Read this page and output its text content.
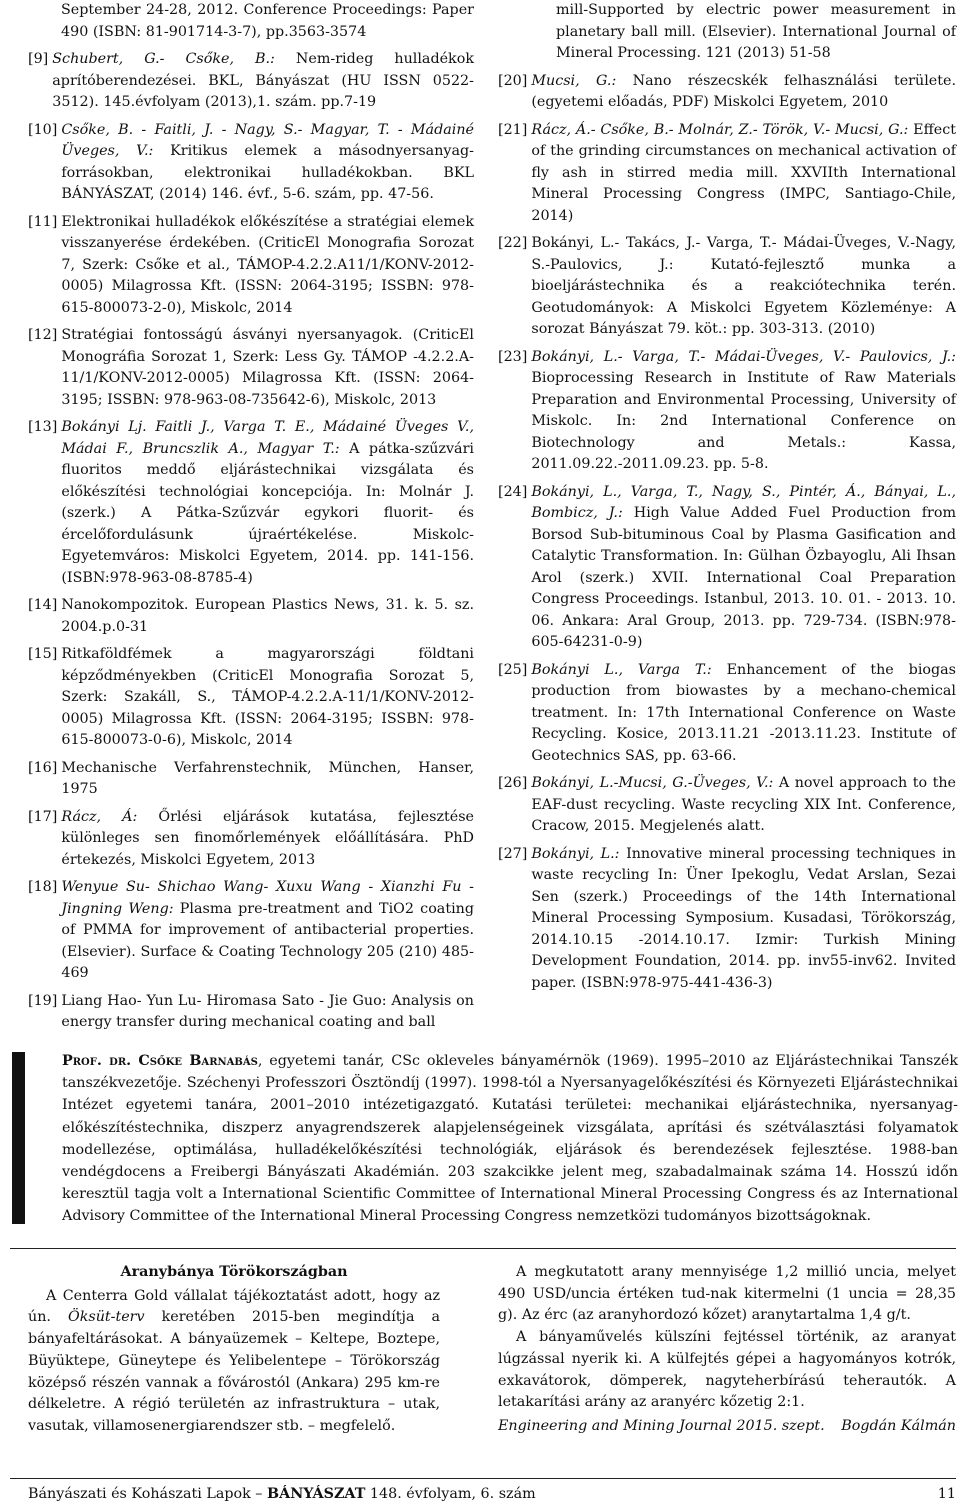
September 24-28, 2012. Conference Proceedings: Paper 490 (ISBN: 81-901714-3-7), pp.3563-3574
[9] Schubert, G.- Csőke, B.: Nem-rideg hulladékok aprítóberendezései. BKL, Bányászat (HU ISSN 0522-3512). 145.évfolyam (2013),1. szám. pp.7-19
[10] Csőke, B. - Faitli, J. - Nagy, S.- Magyar, T. - Mádainé Üveges, V.: Kritikus elemek a másodnyersanyag-forrásokban, elektronikai hulladékokban. BKL BÁNYÁSZAT, (2014) 146. évf., 5-6. szám, pp. 47-56.
[11] Elektronikai hulladékok előkészítése a stratégiai elemek visszanyerése érdekében. (CriticEl Monografia Sorozat 7, Szerk: Csőke et al., TÁMOP-4.2.2.A11/1/KONV-2012-0005) Milagrossa Kft. (ISSN: 2064-3195; ISSBN: 978-615-800073-2-0), Miskolc, 2014
[12] Stratégiai fontosságú ásványi nyersanyagok. (CriticEl Monográfia Sorozat 1, Szerk: Less Gy. TÁMOP -4.2.2.A-11/1/KONV-2012-0005) Milagrossa Kft. (ISSN: 2064-3195; ISSBN: 978-963-08-735642-6), Miskolc, 2013
[13] Bokányi Lj. Faitli J., Varga T. E., Mádainé Üveges V., Mádai F., Bruncszlik A., Magyar T.: A pátka-szűzvári fluoritos meddő eljárástechnikai vizsgálata és előkészítési technológiai koncepciója. In: Molnár J. (szerk.) A Pátka-Szűzvár egykori fluorit- és ércelőfordulásunk újraértékelése. Miskolc-Egyetemváros: Miskolci Egyetem, 2014. pp. 141-156. (ISBN:978-963-08-8785-4)
[14] Nanokompozitok. European Plastics News, 31. k. 5. sz. 2004.p.0-31
[15] Ritkaföldfémek a magyarországi földtani képződményekben (CriticEl Monografia Sorozat 5, Szerk: Szakáll, S., TÁMOP-4.2.2.A-11/1/KONV-2012-0005) Milagrossa Kft. (ISSN: 2064-3195; ISSBN: 978-615-800073-0-6), Miskolc, 2014
[16] Mechanische Verfahrenstechnik, München, Hanser, 1975
[17] Rácz, Á: Őrlési eljárások kutatása, fejlesztése különleges sen finomőrlemények előállítására. PhD értekezés, Miskolci Egyetem, 2013
[18] Wenyue Su- Shichao Wang- Xuxu Wang - Xianzhi Fu - Jingning Weng: Plasma pre-treatment and TiO2 coating of PMMA for improvement of antibacterial properties. (Elsevier). Surface & Coating Technology 205 (210) 485-469
[19] Liang Hao- Yun Lu- Hiromasa Sato - Jie Guo: Analysis on energy transfer during mechanical coating and ball
mill-Supported by electric power measurement in planetary ball mill. (Elsevier). International Journal of Mineral Processing. 121 (2013) 51-58
[20] Mucsi, G.: Nano részecskék felhasználási területe. (egyetemi előadás, PDF) Miskolci Egyetem, 2010
[21] Rácz, Á.- Csőke, B.- Molnár, Z.- Török, V.- Mucsi, G.: Effect of the grinding circumstances on mechanical activation of fly ash in stirred media mill. XXVIIth International Mineral Processing Congress (IMPC, Santiago-Chile, 2014)
[22] Bokányi, L.- Takács, J.- Varga, T.- Mádai-Üveges, V.-Nagy, S.-Paulovics, J.: Kutató-fejlesztő munka a bioeljárástechnika és a reakciótechnika terén. Geotudományok: A Miskolci Egyetem Közleménye: A sorozat Bányászat 79. köt.: pp. 303-313. (2010)
[23] Bokányi, L.- Varga, T.- Mádai-Üveges, V.- Paulovics, J.: Bioprocessing Research in Institute of Raw Materials Preparation and Environmental Processing, University of Miskolc. In: 2nd International Conference on Biotechnology and Metals.: Kassa, 2011.09.22.-2011.09.23. pp. 5-8.
[24] Bokányi, L., Varga, T., Nagy, S., Pintér, Á., Bányai, L., Bombicz, J.: High Value Added Fuel Production from Borsod Sub-bituminous Coal by Plasma Gasification and Catalytic Transformation. In: Gülhan Özbayoglu, Ali Ihsan Arol (szerk.) XVII. International Coal Preparation Congress Proceedings. Istanbul, 2013. 10. 01. - 2013. 10. 06. Ankara: Aral Group, 2013. pp. 729-734. (ISBN:978-605-64231-0-9)
[25] Bokányi L., Varga T.: Enhancement of the biogas production from biowastes by a mechano-chemical treatment. In: 17th International Conference on Waste Recycling. Kosice, 2013.11.21 -2013.11.23. Institute of Geotechnics SAS, pp. 63-66.
[26] Bokányi, L.-Mucsi, G.-Üveges, V.: A novel approach to the EAF-dust recycling. Waste recycling XIX Int. Conference, Cracow, 2015. Megjelenés alatt.
[27] Bokányi, L.: Innovative mineral processing techniques in waste recycling In: Üner Ipekoglu, Vedat Arslan, Sezai Sen (szerk.) Proceedings of the 14th International Mineral Processing Symposium. Kusadasi, Törökország, 2014.10.15 -2014.10.17. Izmir: Turkish Mining Development Foundation, 2014. pp. inv55-inv62. Invited paper. (ISBN:978-975-441-436-3)
Prof. dr. Csőke Barnabás, egyetemi tanár, CSc okleveles bányamérnök (1969). 1995–2010 az Eljárástechnikai Tanszék tanszékvezetője. Széchenyi Professzori Ösztöndíj (1997). 1998-tól a Nyersanyagelőkészítési és Környezeti Eljárástechnikai Intézet egyetemi tanára, 2001–2010 intézetigazgató. Kutatási területei: mechanikai eljárástechnika, nyersanyag-előkészítéstechnika, diszperz anyagrendszerek alapjelenségeinek vizsgálata, aprítási és szétválasztási folyamatok modellezése, optimálása, hulladékelőkészítési technológiák, eljárások és berendezések fejlesztése. 1988-ban vendégdocens a Freibergi Bányászati Akadémián. 203 szakcikke jelent meg, szabadalmainak száma 14. Hosszú időn keresztül tagja volt a International Scientific Committee of International Mineral Processing Congress és az International Advisory Committee of the International Mineral Processing Congress nemzetközi tudományos bizottságoknak.
Aranybánya Törökországban

A Centerra Gold vállalat tájékoztatást adott, hogy az ún. Öksüt-terv keretében 2015-ben megindítja a bányafeltárásokat. A bányaüzemek – Keltepe, Boztepe, Büyüktepe, Güneytepe és Yelibelentepe – Törökország középső részén vannak a fővárostól (Ankara) 295 km-re délkeletre. A régió területén az infrastruktura – utak, vasutak, villamosenergiarendszer stb. – megfelelő.

A megkutatott arany mennyisége 1,2 millió uncia, melyet 490 USD/uncia értéken tud-nak kitermelni (1 uncia = 28,35 g). Az érc (az aranyhordozó kőzet) aranytartalma 1,4 g/t.

A bányaművelés külszíni fejtéssel történik, az aranyat lúgzással nyerik ki. A külfejtés gépei a hagyományos kotrók, exkavátorok, dömperek, nagyteherbírású teherautók. A letakarítási arány az aranyérc kőzetig 2:1.

Engineering and Mining Journal 2015. szept. Bogdán Kálmán
Bányászati és Kohászati Lapok – BÁNYÁSZAT 148. évfolyam, 6. szám	11
